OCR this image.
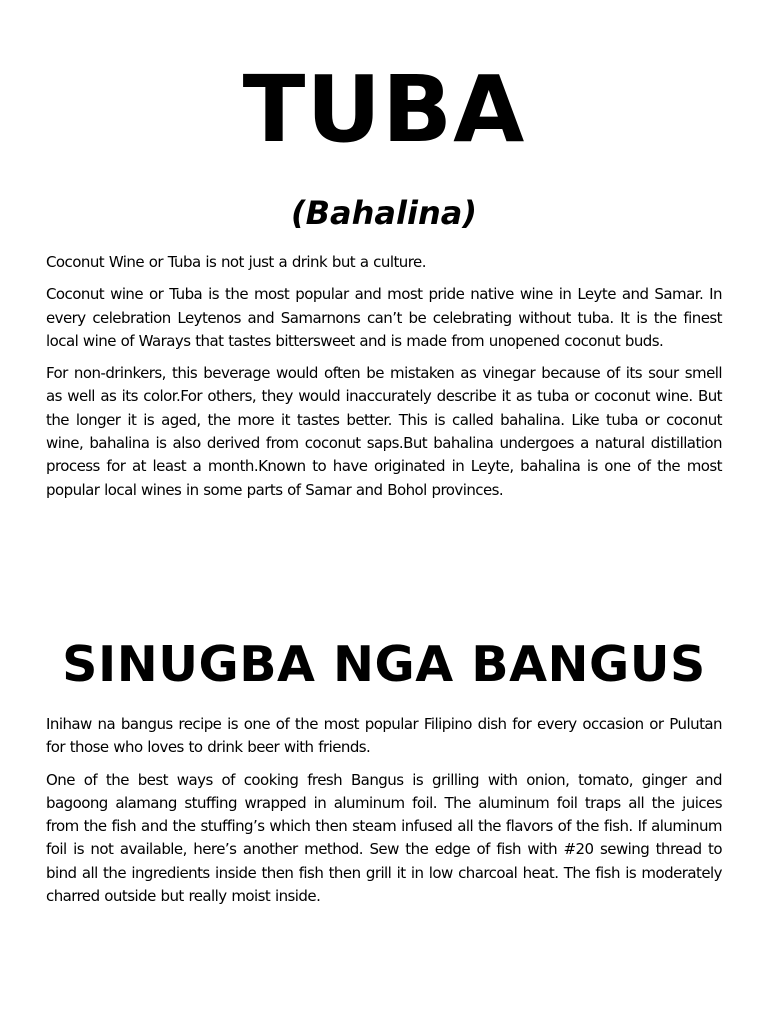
TUBA
(Bahalina)

Coconut Wine or Tuba is not just a drink but a culture.

Coconut wine or Tuba is the most popular and most pride native wine in Leyte and Samar. In every celebration Leytenos and Samarnons can’t be celebrating without tuba. It is the finest local wine of Warays that tastes bittersweet and is made from unopened coconut buds.

For non-drinkers, this beverage would often be mistaken as vinegar because of its sour smell as well as its color.For others, they would inaccurately describe it as tuba or coconut wine. But the longer it is aged, the more it tastes better. This is called bahalina. Like tuba or coconut wine, bahalina is also derived from coconut saps.But bahalina undergoes a natural distillation process for at least a month.Known to have originated in Leyte, bahalina is one of the most popular local wines in some parts of Samar and Bohol provinces.

SINUGBA NGA BANGUS

Inihaw na bangus recipe is one of the most popular Filipino dish for every occasion or Pulutan for those who loves to drink beer with friends.

One of the best ways of cooking fresh Bangus is grilling with onion, tomato, ginger and bagoong alamang stuffing wrapped in aluminum foil. The aluminum foil traps all the juices from the fish and the stuffing’s which then steam infused all the flavors of the fish. If aluminum foil is not available, here’s another method. Sew the edge of fish with #20 sewing thread to bind all the ingredients inside then fish then grill it in low charcoal heat. The fish is moderately charred outside but really moist inside.
